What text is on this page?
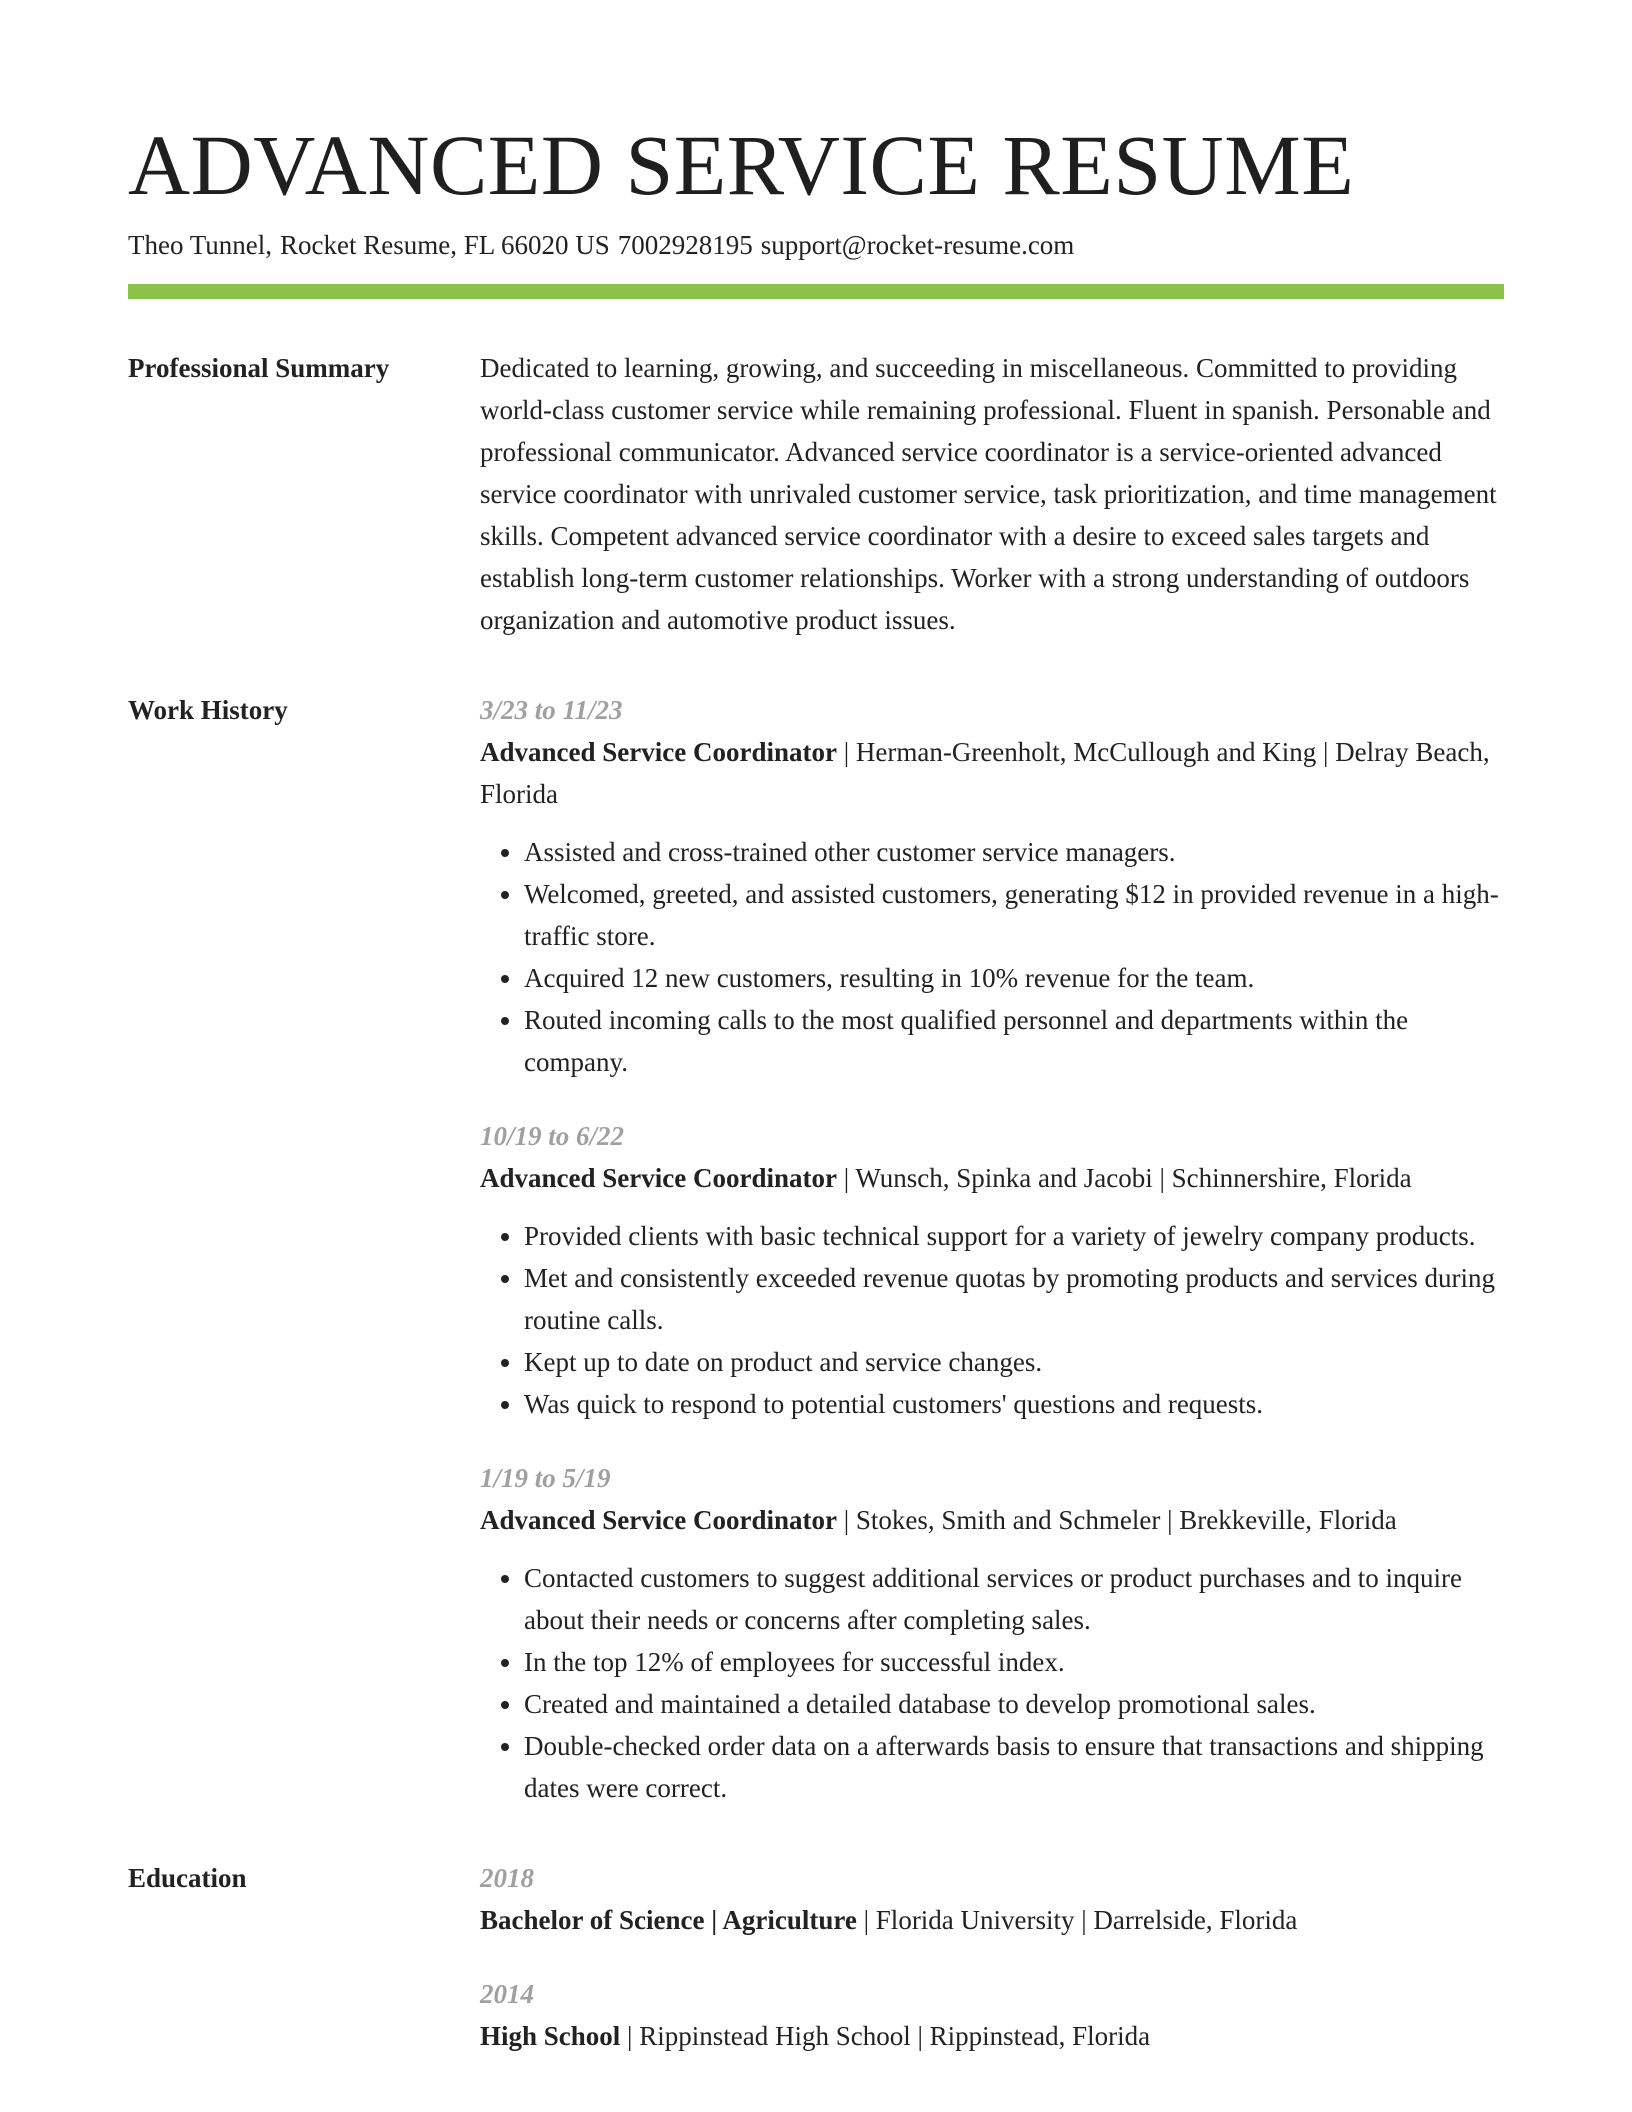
ADVANCED SERVICE RESUME
Theo Tunnel, Rocket Resume, FL 66020 US 7002928195 support@rocket-resume.com
Professional Summary	Dedicated to learning, growing, and succeeding in miscellaneous. Committed to providing world-class customer service while remaining professional. Fluent in spanish. Personable and professional communicator. Advanced service coordinator is a service-oriented advanced service coordinator with unrivaled customer service, task prioritization, and time management skills. Competent advanced service coordinator with a desire to exceed sales targets and establish long-term customer relationships. Worker with a strong understanding of outdoors organization and automotive product issues.

Work History	3/23 to 11/23
Advanced Service Coordinator | Herman-Greenholt, McCullough and King | Delray Beach, Florida
• Assisted and cross-trained other customer service managers.
• Welcomed, greeted, and assisted customers, generating $12 in provided revenue in a high-traffic store.
• Acquired 12 new customers, resulting in 10% revenue for the team.
• Routed incoming calls to the most qualified personnel and departments within the company.
10/19 to 6/22
Advanced Service Coordinator | Wunsch, Spinka and Jacobi | Schinnershire, Florida
• Provided clients with basic technical support for a variety of jewelry company products.
• Met and consistently exceeded revenue quotas by promoting products and services during routine calls.
• Kept up to date on product and service changes.
• Was quick to respond to potential customers' questions and requests.
1/19 to 5/19
Advanced Service Coordinator | Stokes, Smith and Schmeler | Brekkeville, Florida
• Contacted customers to suggest additional services or product purchases and to inquire about their needs or concerns after completing sales.
• In the top 12% of employees for successful index.
• Created and maintained a detailed database to develop promotional sales.
• Double-checked order data on a afterwards basis to ensure that transactions and shipping dates were correct.
Education	2018
Bachelor of Science | Agriculture | Florida University | Darrelside, Florida
2014
High School | Rippinstead High School | Rippinstead, Florida
